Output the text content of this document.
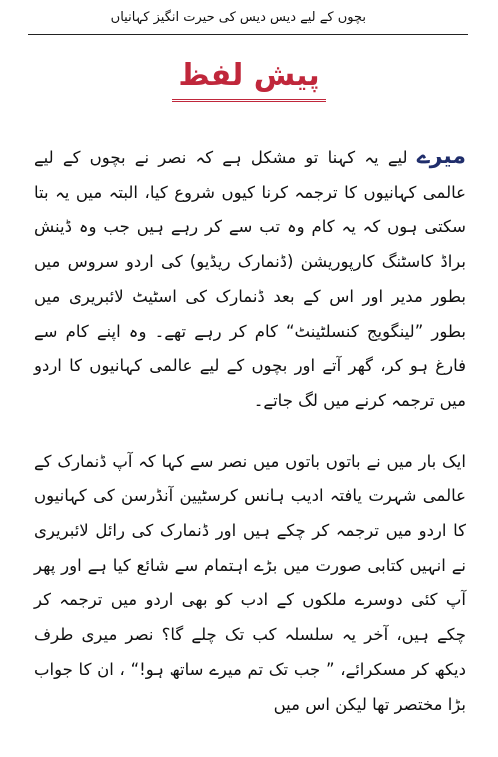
بچوں کے لیے دیس دیس کی حیرت انگیز کہانیاں
پیش لفظ

میرے لیے یہ کہنا تو مشکل ہے کہ نصر نے بچوں کے لیے عالمی کہانیوں کا ترجمہ کرنا کیوں شروع کیا، البتہ میں یہ بتا سکتی ہوں کہ یہ کام وہ تب سے کر رہے ہیں جب وہ ڈینش براڈ کاسٹنگ کارپوریشن (ڈنمارک ریڈیو) کی اردو سروس میں بطور مدیر اور اس کے بعد ڈنمارک کی اسٹیٹ لائبریری میں بطور ”لینگویج کنسلٹینٹ“ کام کر رہے تھے۔ وہ اپنے کام سے فارغ ہو کر، گھر آتے اور بچوں کے لیے عالمی کہانیوں کا اردو میں ترجمہ کرنے میں لگ جاتے۔

ایک بار میں نے باتوں باتوں میں نصر سے کہا کہ آپ ڈنمارک کے عالمی شہرت یافتہ ادیب ہانس کرسٹیین آنڈرسن کی کہانیوں کا اردو میں ترجمہ کر چکے ہیں اور ڈنمارک کی رائل لائبریری نے انہیں کتابی صورت میں بڑے اہتمام سے شائع کیا ہے اور پھر آپ کئی دوسرے ملکوں کے ادب کو بھی اردو میں ترجمہ کر چکے ہیں، آخر یہ سلسلہ کب تک چلے گا؟ نصر میری طرف دیکھ کر مسکرائے، ” جب تک تم میرے ساتھ ہو!“ ، ان کا جواب بڑا مختصر تھا لیکن اس میں
